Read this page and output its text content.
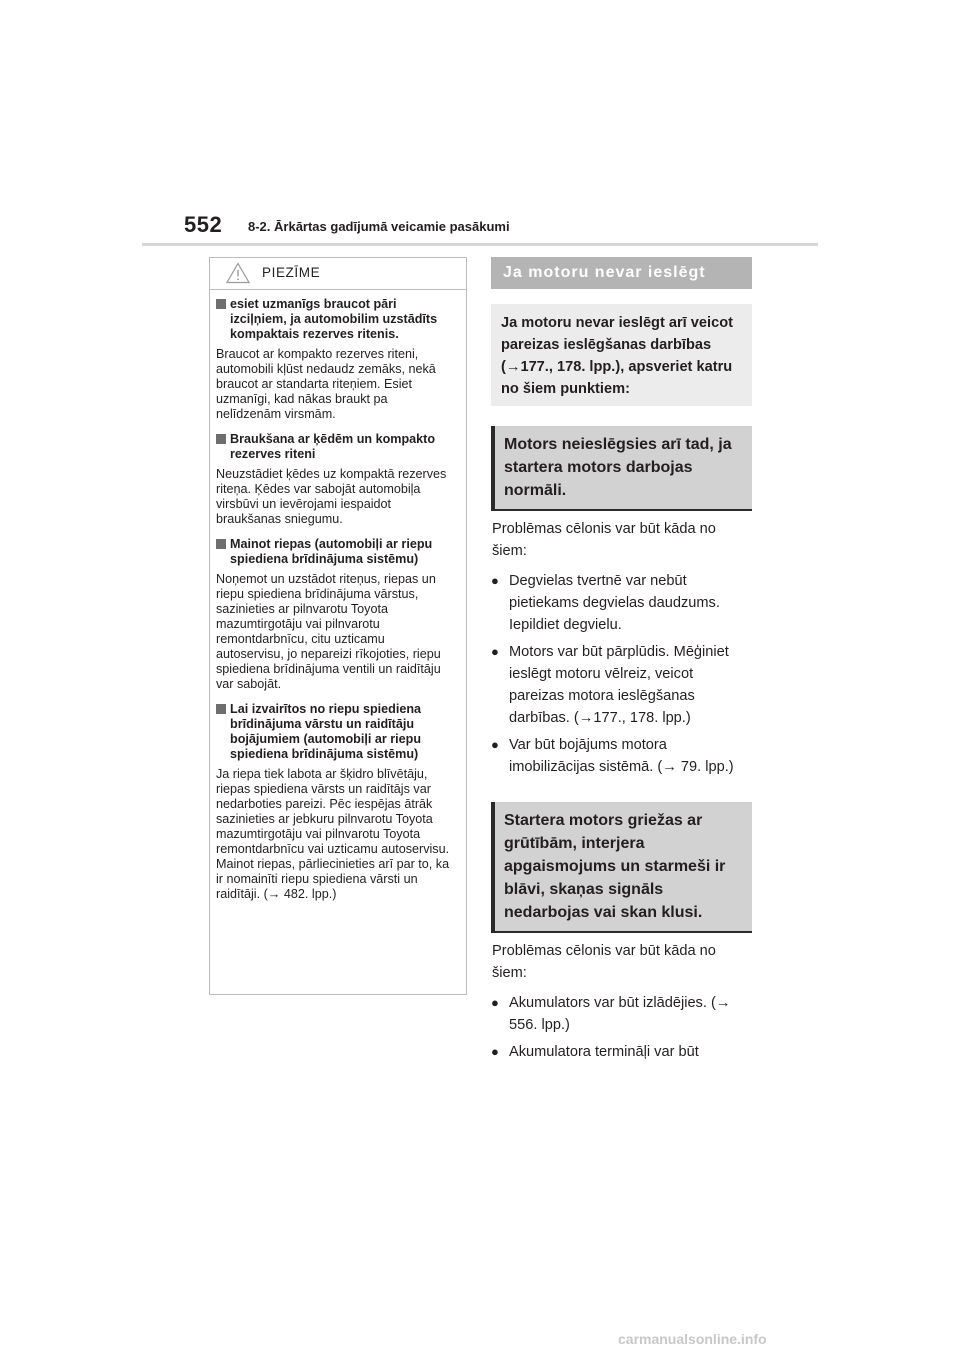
552 8-2. Ārkārtas gadījumā veicamie pasākumi
PIEZĪME
esiet uzmanīgs braucot pāri izciļņiem, ja automobilim uzstādīts kompaktais rezerves ritenis.
Braucot ar kompakto rezerves riteni, automobili kļūst nedaudz zemāks, nekā braucot ar standarta riteņiem. Esiet uzmanīgi, kad nākas braukt pa nelīdzenām virsmām.
Braukšana ar ķēdēm un kompakto rezerves riteni
Neuzstādiet ķēdes uz kompaktā rezerves riteņa. Ķēdes var sabojāt automobiļa virsbūvi un ievērojami iespaidot braukšanas sniegumu.
Mainot riepas (automobiļi ar riepu spiediena brīdinājuma sistēmu)
Noņemot un uzstādot riteņus, riepas un riepu spiediena brīdinājuma vārstus, sazinieties ar pilnvarotu Toyota mazumtirgotāju vai pilnvarotu remontdarbnīcu, citu uzticamu autoservisu, jo nepareizi rīkojoties, riepu spiediena brīdinājuma ventili un raidītāju var sabojāt.
Lai izvairītos no riepu spiediena brīdinājuma vārstu un raidītāju bojājumiem (automobiļi ar riepu spiediena brīdinājuma sistēmu)
Ja riepa tiek labota ar šķidro blīvētāju, riepas spiediena vārsts un raidītājs var nedarboties pareizi. Pēc iespējas ātrāk sazinieties ar jebkuru pilnvarotu Toyota mazumtirgotāju vai pilnvarotu Toyota remontdarbnīcu vai uzticamu autoservisu. Mainot riepas, pārliecinieties arī par to, ka ir nomainīti riepu spiediena vārsti un raidītāji. (→ 482. lpp.)
Ja motoru nevar ieslēgt
Ja motoru nevar ieslēgt arī veicot pareizas ieslēgšanas darbības (→177., 178. lpp.), apsveriet katru no šiem punktiem:
Motors neieslēgsies arī tad, ja startera motors darbojas normāli.
Problēmas cēlonis var būt kāda no šiem:
● Degvielas tvertnē var nebūt pietiekams degvielas daudzums. Iepildiet degvielu.
● Motors var būt pārplūdis. Mēģiniet ieslēgt motoru vēlreiz, veicot pareizas motora ieslēgšanas darbības. (→177., 178. lpp.)
● Var būt bojājums motora imobilizācijas sistēmā. (→ 79. lpp.)
Startera motors griežas ar grūtībām, interjera apgaismojums un starmeši ir blāvi, skaņas signāls nedarbojas vai skan klusi.
Problēmas cēlonis var būt kāda no šiem:
● Akumulators var būt izlādējies. (→ 556. lpp.)
● Akumulatora termināļi var būt
carmanualsonline.info
